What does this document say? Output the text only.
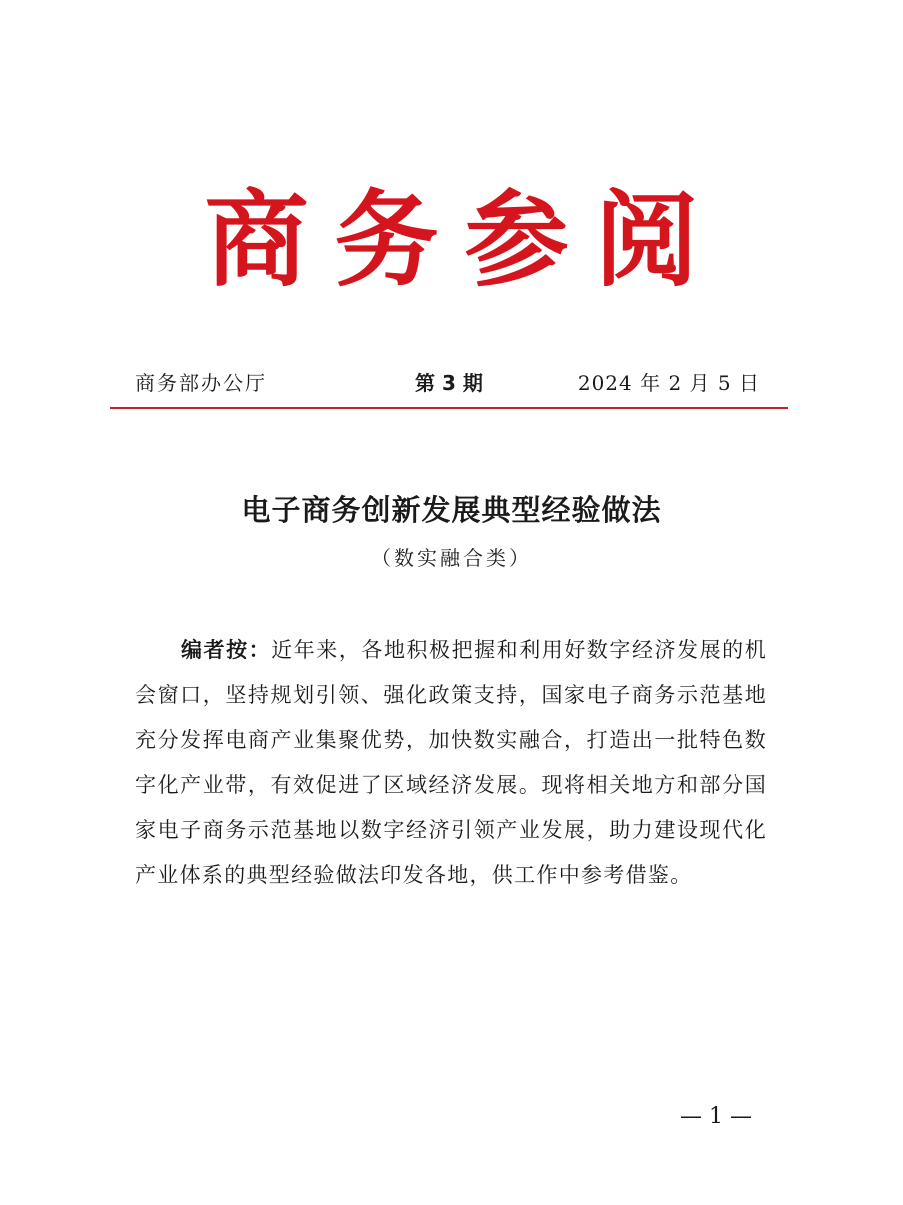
商务参阅
商务部办公厅	第 3 期	2024 年 2 月 5 日
电子商务创新发展典型经验做法
（数实融合类）

编者按：近年来，各地积极把握和利用好数字经济发展的机会窗口，坚持规划引领、强化政策支持，国家电子商务示范基地充分发挥电商产业集聚优势，加快数实融合，打造出一批特色数字化产业带，有效促进了区域经济发展。现将相关地方和部分国家电子商务示范基地以数字经济引领产业发展，助力建设现代化产业体系的典型经验做法印发各地，供工作中参考借鉴。

— 1 —
